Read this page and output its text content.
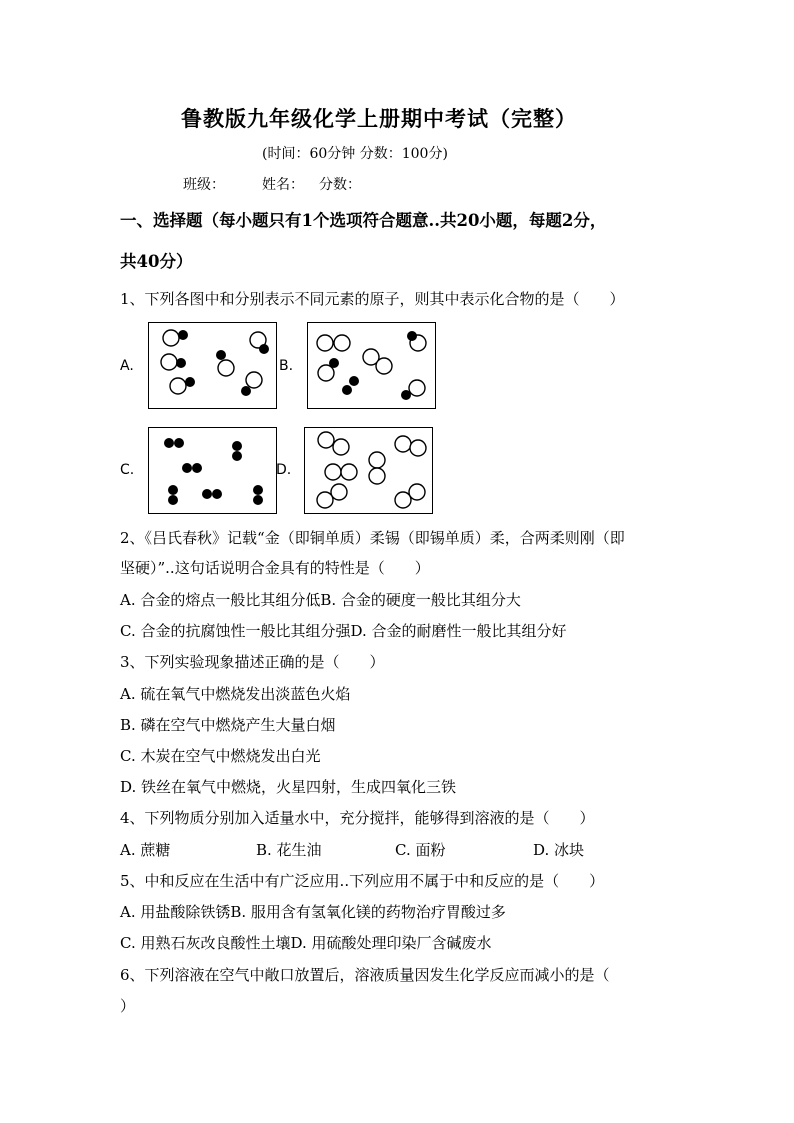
鲁教版九年级化学上册期中考试（完整）
(时间：60分钟 分数：100分)
班级：	姓名： 分数：
一、选择题（每小题只有1个选项符合题意..共20小题，每题2分，
共40分）
1、下列各图中和分别表示不同元素的原子，则其中表示化合物的是（　　）
A.	B.
C.	D.
2、《吕氏春秋》记载“金（即铜单质）柔锡（即锡单质）柔，合两柔则刚（即
坚硬）”..这句话说明合金具有的特性是（　　）
A. 合金的熔点一般比其组分低B. 合金的硬度一般比其组分大
C. 合金的抗腐蚀性一般比其组分强D. 合金的耐磨性一般比其组分好
3、下列实验现象描述正确的是（　　）
A. 硫在氧气中燃烧发出淡蓝色火焰
B. 磷在空气中燃烧产生大量白烟
C. 木炭在空气中燃烧发出白光
D. 铁丝在氧气中燃烧，火星四射，生成四氧化三铁
4、下列物质分别加入适量水中，充分搅拌，能够得到溶液的是（　　）
A. 蔗糖	B. 花生油	C. 面粉	D. 冰块
5、中和反应在生活中有广泛应用..下列应用不属于中和反应的是（　　）
A. 用盐酸除铁锈B. 服用含有氢氧化镁的药物治疗胃酸过多
C. 用熟石灰改良酸性土壤D. 用硫酸处理印染厂含碱废水
6、下列溶液在空气中敞口放置后，溶液质量因发生化学反应而减小的是（
）
